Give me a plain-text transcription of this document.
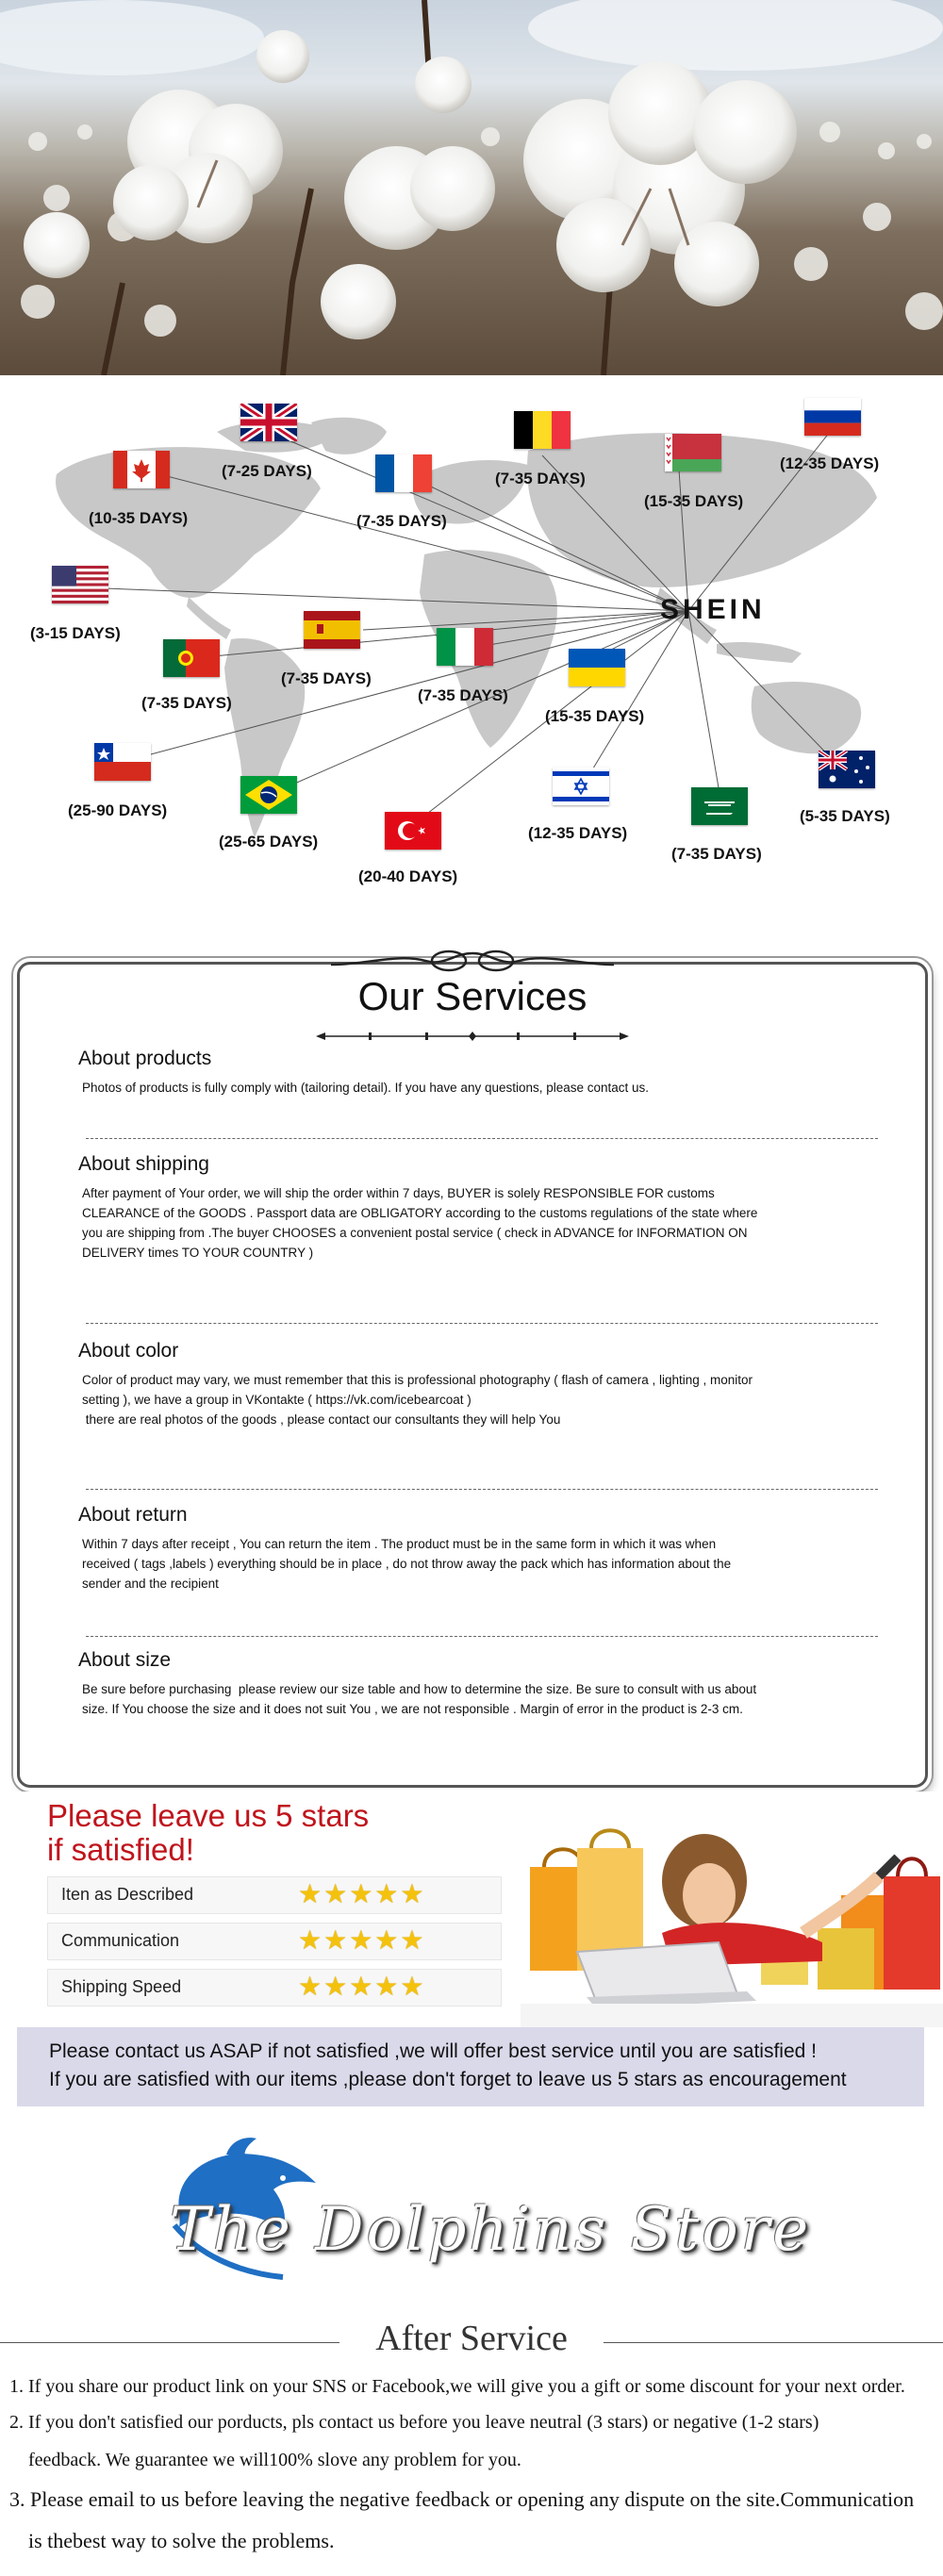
SHEIN
(10-35 DAYS)
(7-25 DAYS)
(7-35 DAYS)
(7-35 DAYS)
(15-35 DAYS)
(12-35 DAYS)
(3-15 DAYS)
(7-35 DAYS)
(7-35 DAYS)	(7-35 DAYS)
(15-35 DAYS)
(25-90 DAYS)
(25-65 DAYS)
(20-40 DAYS)
(12-35 DAYS)
(7-35 DAYS)
(5-35 DAYS)
Our Services
About products
Photos of products is fully comply with (tailoring detail). If you have any questions, please contact us.
About shipping
After payment of Your order, we will ship the order within 7 days, BUYER is solely RESPONSIBLE FOR customs
CLEARANCE of the GOODS . Passport data are OBLIGATORY according to the customs regulations of the state where
you are shipping from .The buyer CHOOSES a convenient postal service ( check in ADVANCE for INFORMATION ON
DELIVERY times TO YOUR COUNTRY )
About color
Color of product may vary, we must remember that this is professional photography ( flash of camera , lighting , monitor
setting ), we have a group in VKontakte ( https://vk.com/icebearcoat )
there are real photos of the goods , please contact our consultants they will help You
About return
Within 7 days after receipt , You can return the item . The product must be in the same form in which it was when
received ( tags ,labels ) everything should be in place , do not throw away the pack which has information about the
sender and the recipient
About size
Be sure before purchasing  please review our size table and how to determine the size. Be sure to consult with us about
size. If You choose the size and it does not suit You , we are not responsible . Margin of error in the product is 2-3 cm.
Please leave us 5 stars
if satisfied!
Iten as Described	★★★★★
Communication	★★★★★
Shipping Speed	★★★★★

Please contact us ASAP if not satisfied ,we will offer best service until you are satisfied !

If you are satisfied with our items ,please don't forget to leave us 5 stars as encouragement

The Dolphins Store
After Service
1. If you share our product link on your SNS or Facebook,we will give you a gift or some discount for your next order.
2. If you don't satisfied our porducts, pls contact us before you leave neutral (3 stars) or negative (1-2 stars)
feedback. We guarantee we will100% slove any problem for you.
3. Please email to us before leaving the negative feedback or opening any dispute on the site.Communication
is thebest way to solve the problems.
